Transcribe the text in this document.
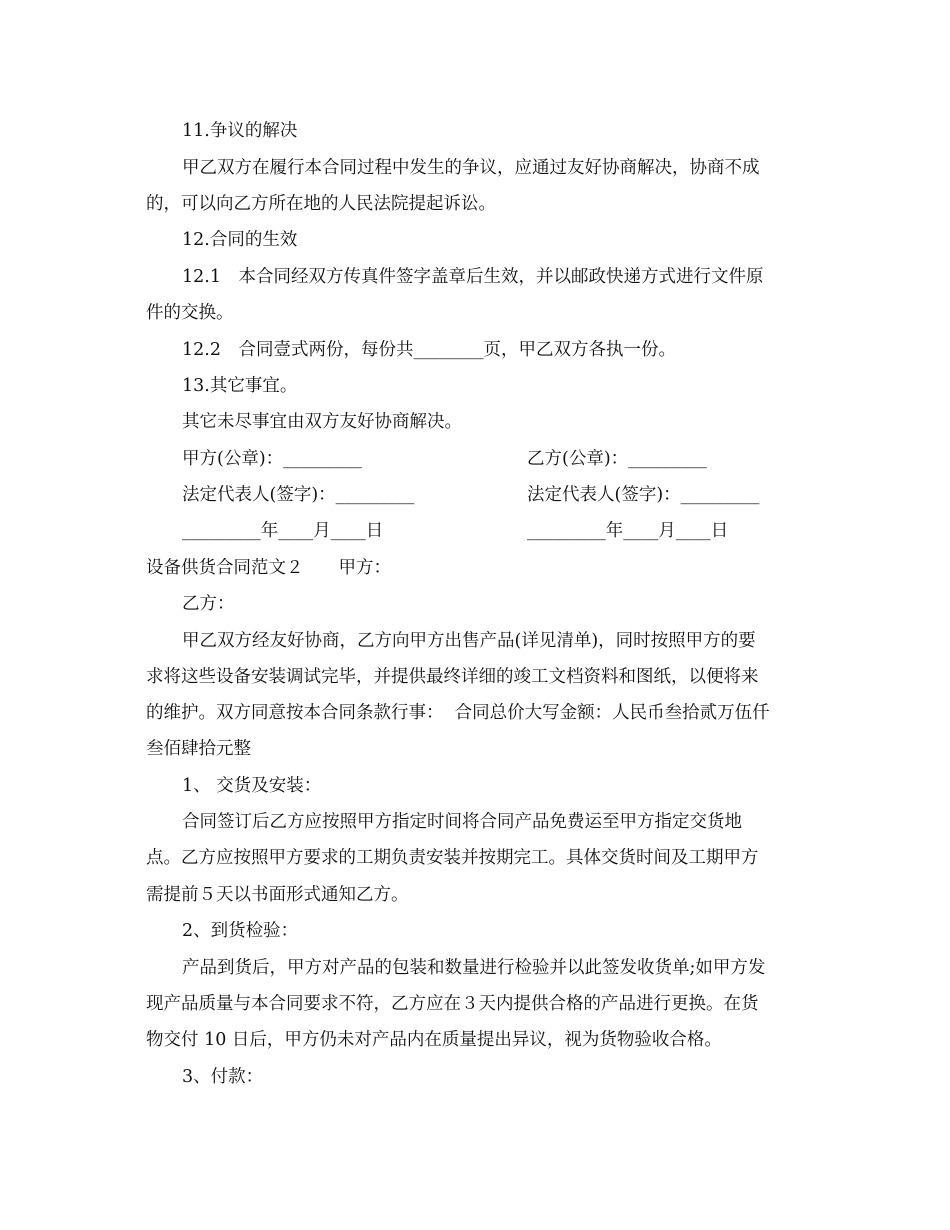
11.争议的解决
甲乙双方在履行本合同过程中发生的争议，应通过友好协商解决，协商不成
的，可以向乙方所在地的人民法院提起诉讼。
12.合同的生效
12.1　本合同经双方传真件签字盖章后生效，并以邮政快递方式进行文件原
件的交换。
12.2　合同壹式两份，每份共________页，甲乙双方各执一份。
13.其它事宜。
其它未尽事宜由双方友好协商解决。
甲方(公章)：_________	乙方(公章)：_________
法定代表人(签字)：_________	法定代表人(签字)：_________
_________年____月____日	_________年____月____日
设备供货合同范文２　　甲方：
乙方：
甲乙双方经友好协商，乙方向甲方出售产品(详见清单)，同时按照甲方的要
求将这些设备安装调试完毕，并提供最终详细的竣工文档资料和图纸，以便将来
的维护。双方同意按本合同条款行事：  合同总价大写金额：人民币叁拾贰万伍仟
叁佰肆拾元整
1、 交货及安装：
合同签订后乙方应按照甲方指定时间将合同产品免费运至甲方指定交货地
点。乙方应按照甲方要求的工期负责安装并按期完工。具体交货时间及工期甲方
需提前５天以书面形式通知乙方。
2、到货检验：
产品到货后，甲方对产品的包装和数量进行检验并以此签发收货单;如甲方发
现产品质量与本合同要求不符，乙方应在３天内提供合格的产品进行更换。在货
物交付 10 日后，甲方仍未对产品内在质量提出异议，视为货物验收合格。
3、付款：
